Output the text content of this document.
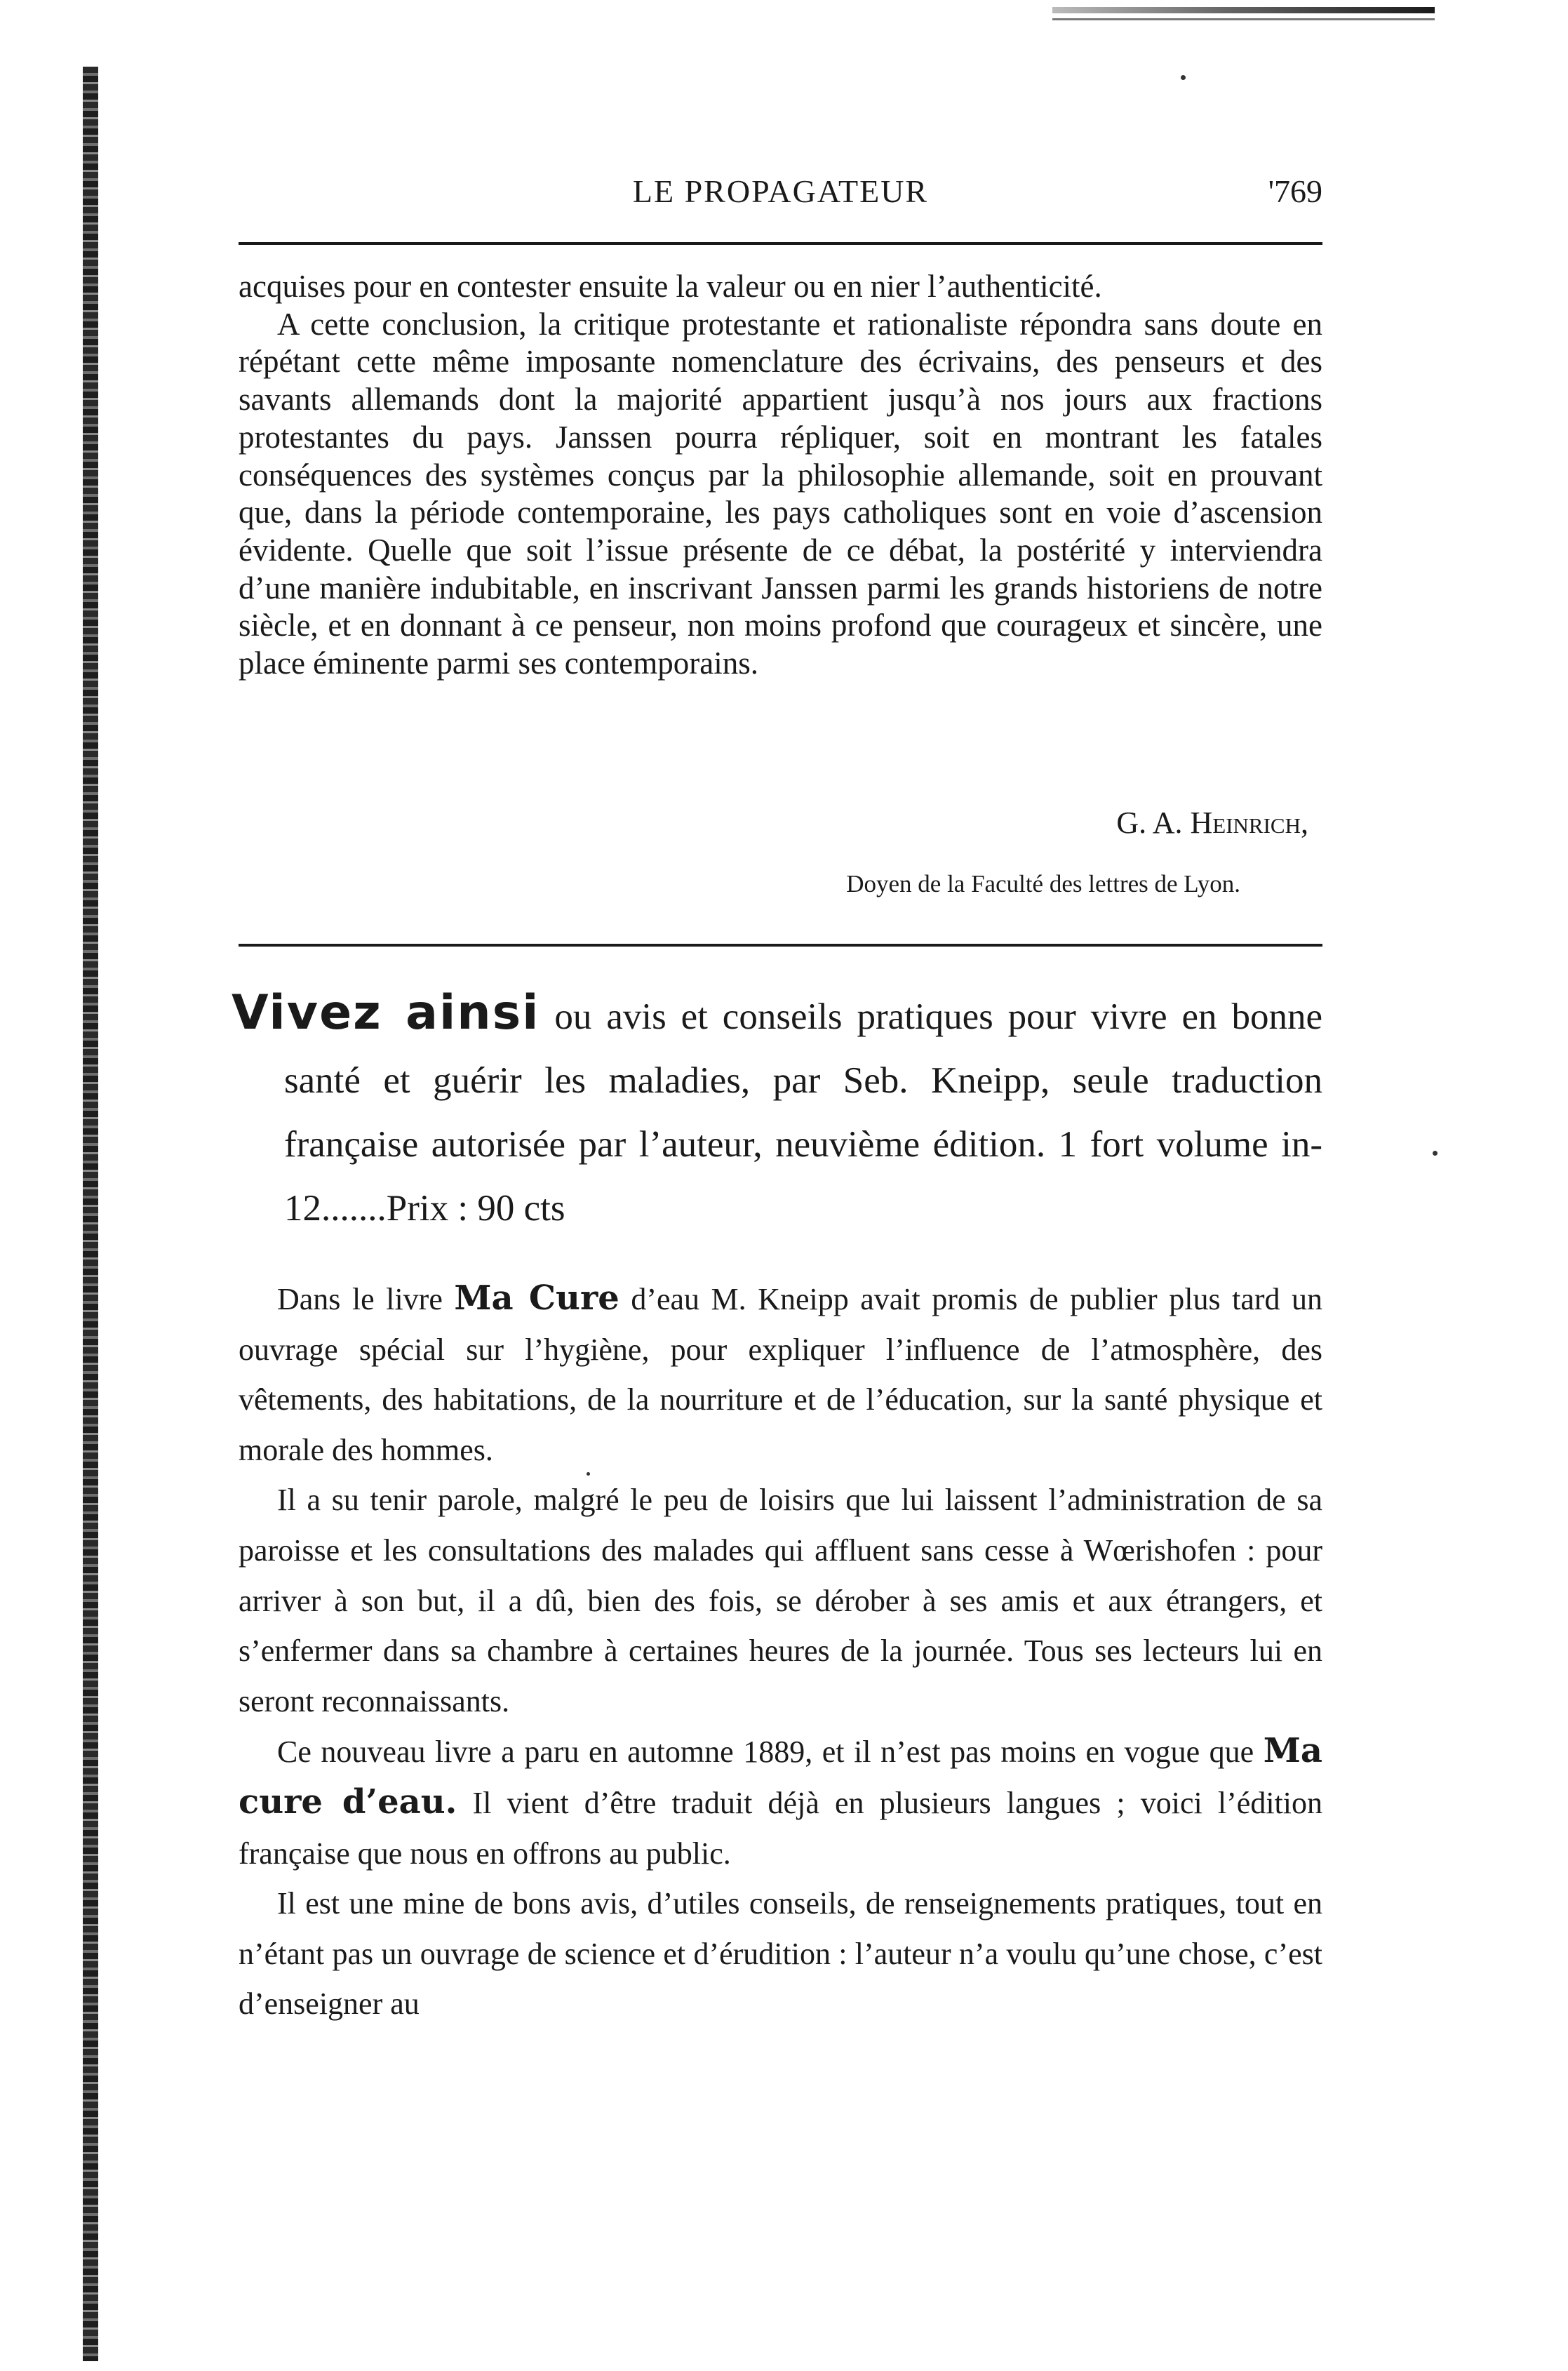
LE PROPAGATEUR	'769

acquises pour en contester ensuite la valeur ou en nier l’authenticité.

A cette conclusion, la critique protestante et rationaliste répondra sans doute en répétant cette même imposante nomenclature des écrivains, des penseurs et des savants allemands dont la majorité appartient jusqu’à nos jours aux fractions protestantes du pays. Janssen pourra répliquer, soit en montrant les fatales conséquences des systèmes conçus par la philosophie allemande, soit en prouvant que, dans la période contemporaine, les pays catholiques sont en voie d’ascension évidente. Quelle que soit l’issue présente de ce débat, la postérité y interviendra d’une manière indubitable, en inscrivant Janssen parmi les grands historiens de notre siècle, et en donnant à ce penseur, non moins profond que courageux et sincère, une place éminente parmi ses contemporains.

G. A. Heinrich,
Doyen de la Faculté des lettres de Lyon.

Vivez ainsi ou avis et conseils pratiques pour vivre en bonne santé et guérir les maladies, par Seb. Kneipp, seule traduction française autorisée par l’auteur, neuvième édition. 1 fort volume in-12.......Prix : 90 cts

Dans le livre Ma Cure d’eau M. Kneipp avait promis de publier plus tard un ouvrage spécial sur l’hygiène, pour expliquer l’influence de l’atmosphère, des vêtements, des habitations, de la nourriture et de l’éducation, sur la santé physique et morale des hommes.

Il a su tenir parole, malgré le peu de loisirs que lui laissent l’administration de sa paroisse et les consultations des malades qui affluent sans cesse à Wœrishofen : pour arriver à son but, il a dû, bien des fois, se dérober à ses amis et aux étrangers, et s’enfermer dans sa chambre à certaines heures de la journée. Tous ses lecteurs lui en seront reconnaissants.

Ce nouveau livre a paru en automne 1889, et il n’est pas moins en vogue que Ma cure d’eau. Il vient d’être traduit déjà en plusieurs langues ; voici l’édition française que nous en offrons au public.

Il est une mine de bons avis, d’utiles conseils, de renseignements pratiques, tout en n’étant pas un ouvrage de science et d’érudition : l’auteur n’a voulu qu’une chose, c’est d’enseigner au
